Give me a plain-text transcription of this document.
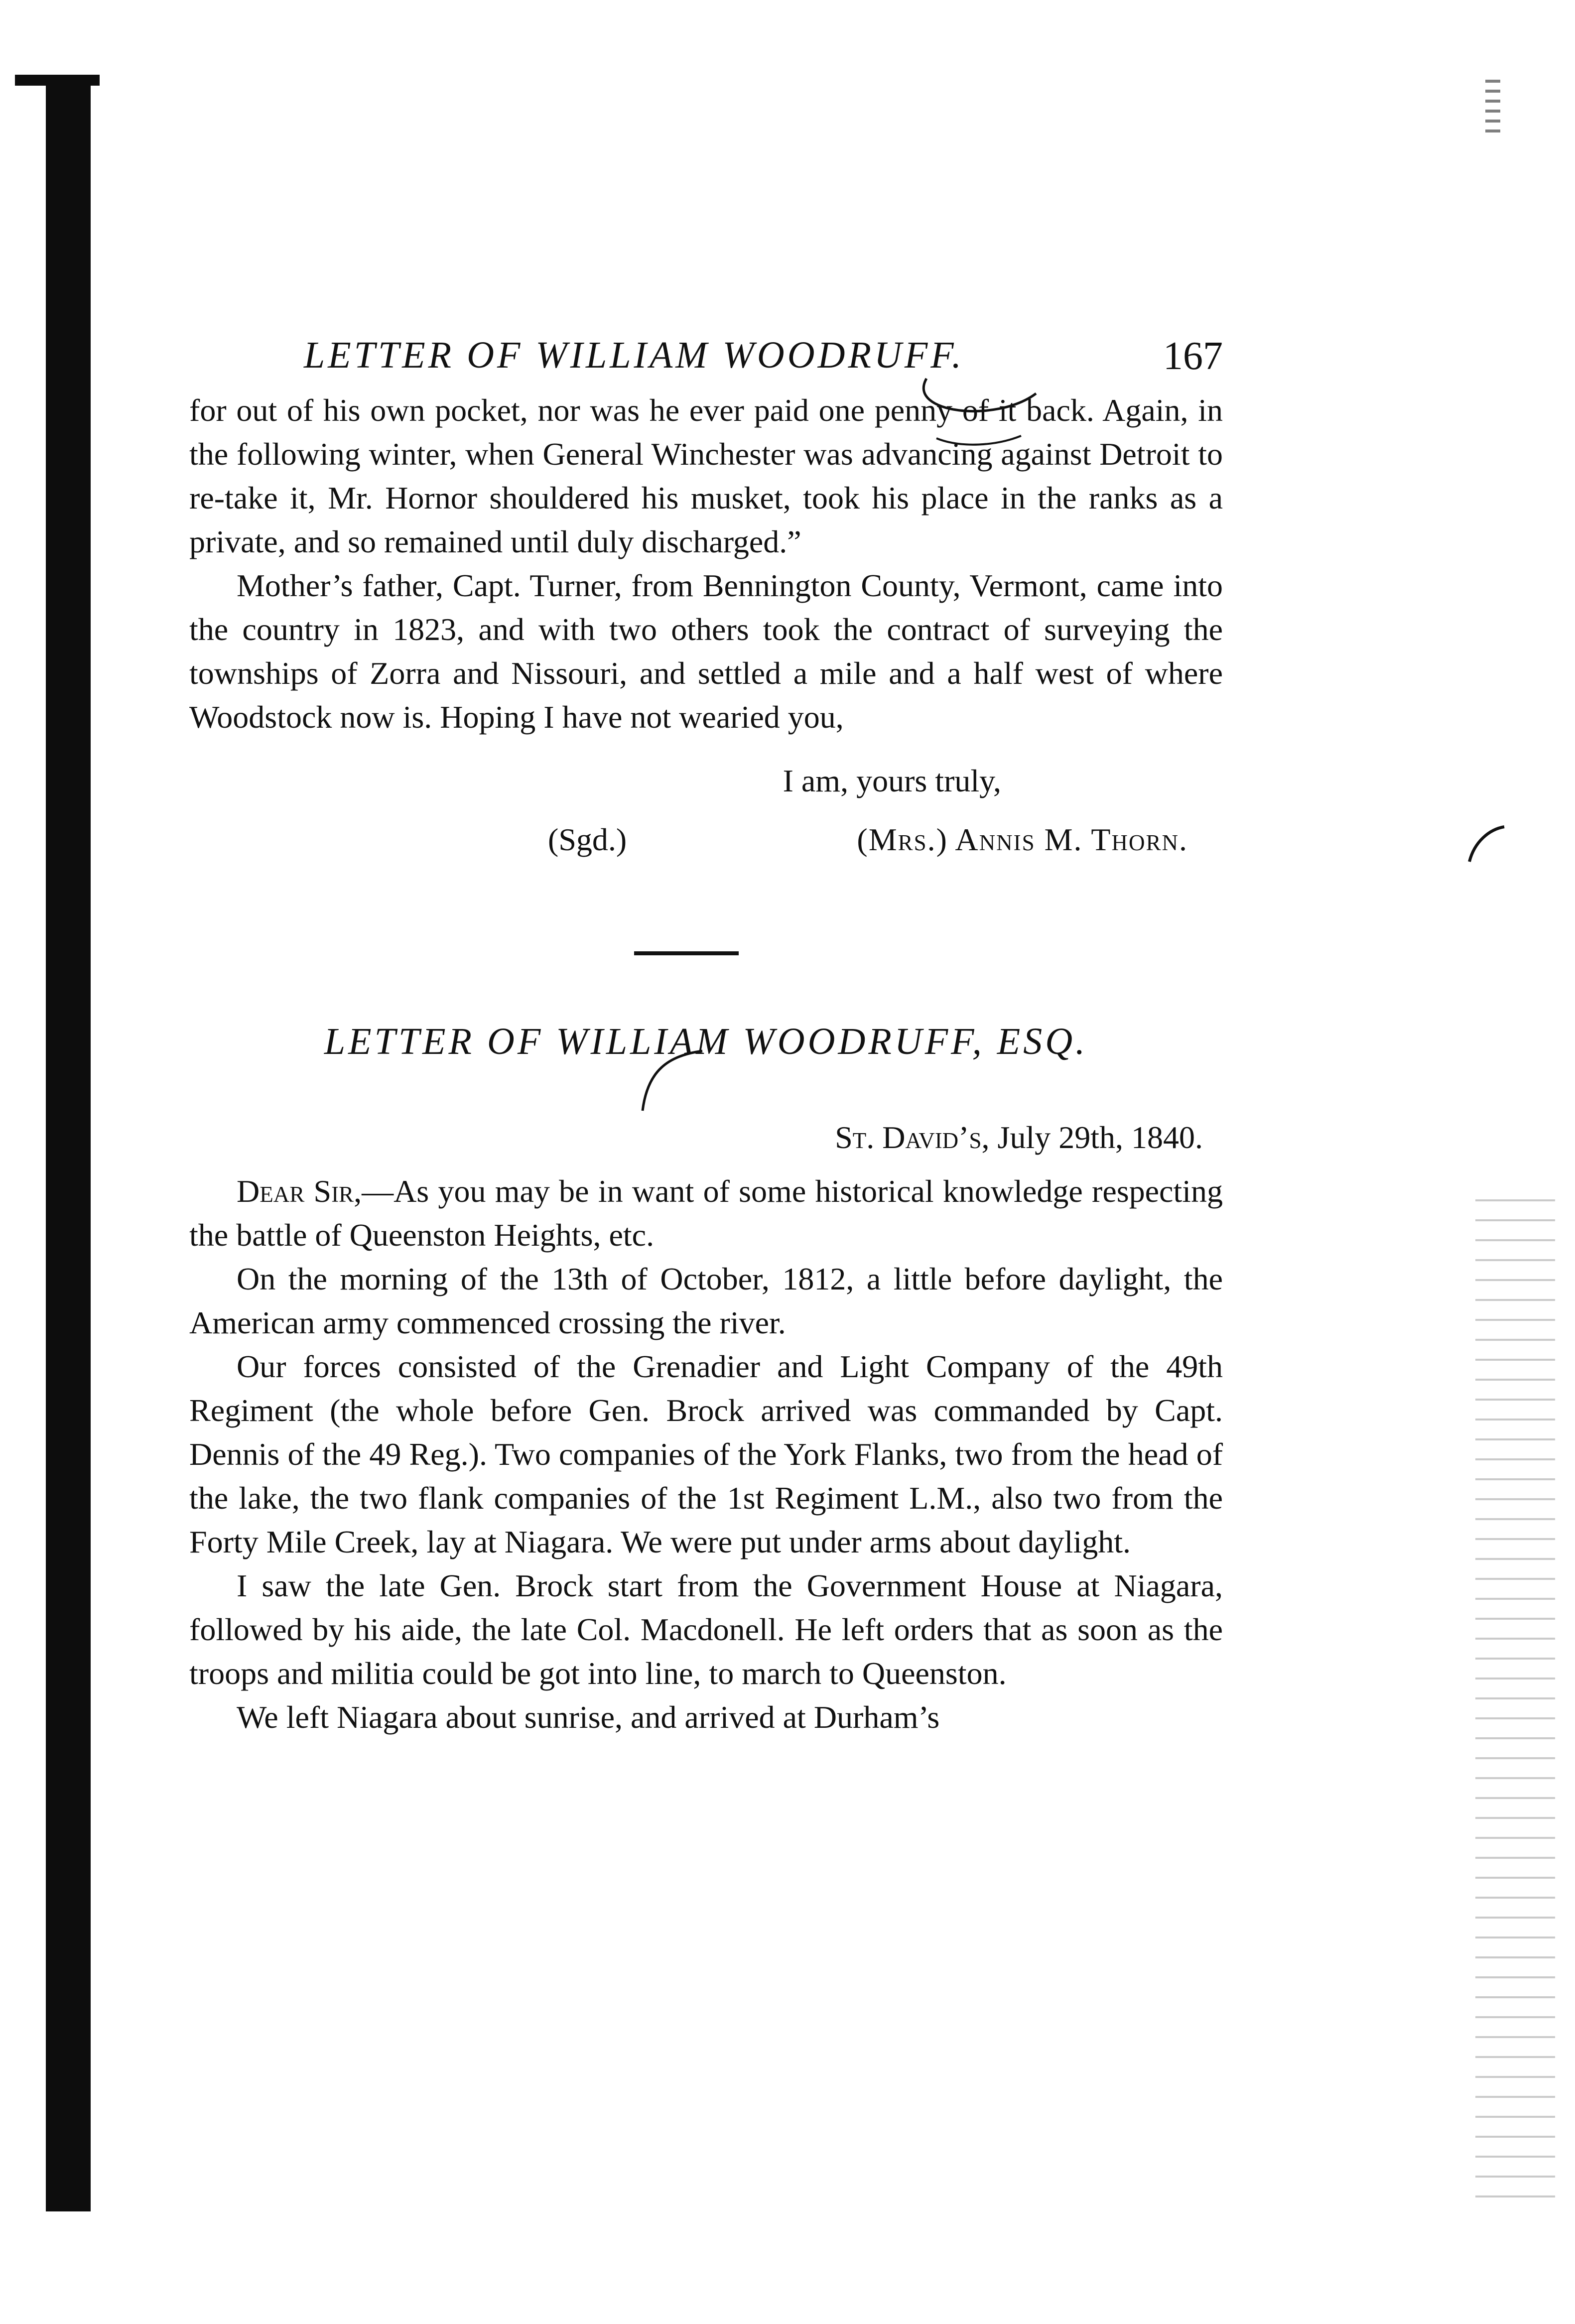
LETTER OF WILLIAM WOODRUFF.	167

for out of his own pocket, nor was he ever paid one penny of it back. Again, in the following winter, when General Winchester was advancing against Detroit to re-take it, Mr. Hornor shouldered his musket, took his place in the ranks as a private, and so remained until duly discharged.”

Mother’s father, Capt. Turner, from Bennington County, Vermont, came into the country in 1823, and with two others took the contract of surveying the townships of Zorra and Nissouri, and settled a mile and a half west of where Woodstock now is. Hoping I have not wearied you,

I am, yours truly,
(Sgd.)	(Mrs.) Annis M. Thorn.
LETTER OF WILLIAM WOODRUFF, ESQ.
St. David’s, July 29th, 1840.

Dear Sir,—As you may be in want of some historical knowledge respecting the battle of Queenston Heights, etc.

On the morning of the 13th of October, 1812, a little before daylight, the American army commenced crossing the river.

Our forces consisted of the Grenadier and Light Company of the 49th Regiment (the whole before Gen. Brock arrived was commanded by Capt. Dennis of the 49 Reg.). Two companies of the York Flanks, two from the head of the lake, the two flank companies of the 1st Regiment L.M., also two from the Forty Mile Creek, lay at Niagara. We were put under arms about daylight.

I saw the late Gen. Brock start from the Government House at Niagara, followed by his aide, the late Col. Macdonell. He left orders that as soon as the troops and militia could be got into line, to march to Queenston.

We left Niagara about sunrise, and arrived at Durham’s
